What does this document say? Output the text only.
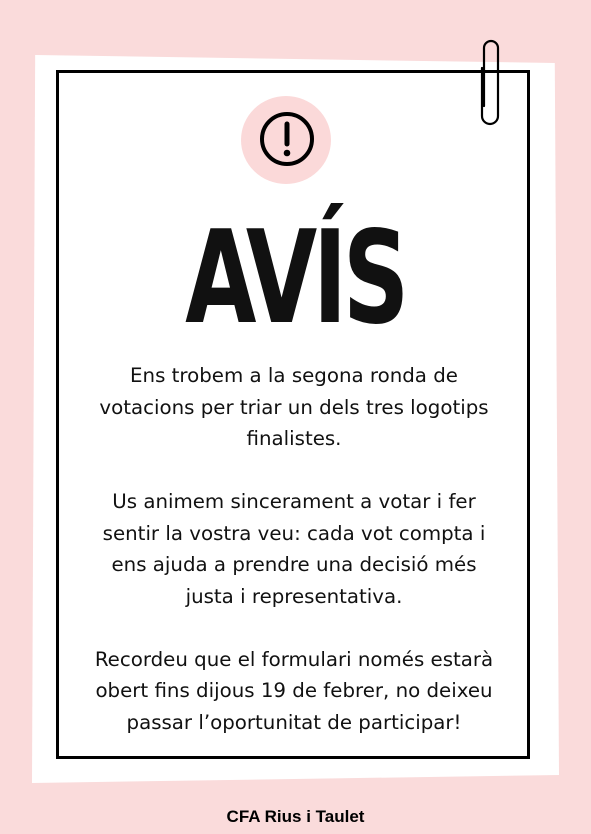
AVÍS

Ens trobem a la segona ronda de
votacions per triar un dels tres logotips
finalistes.

Us animem sincerament a votar i fer
sentir la vostra veu: cada vot compta i
ens ajuda a prendre una decisió més
justa i representativa.

Recordeu que el formulari només estarà
obert fins dijous 19 de febrer, no deixeu
passar l’oportunitat de participar!

CFA Rius i Taulet
